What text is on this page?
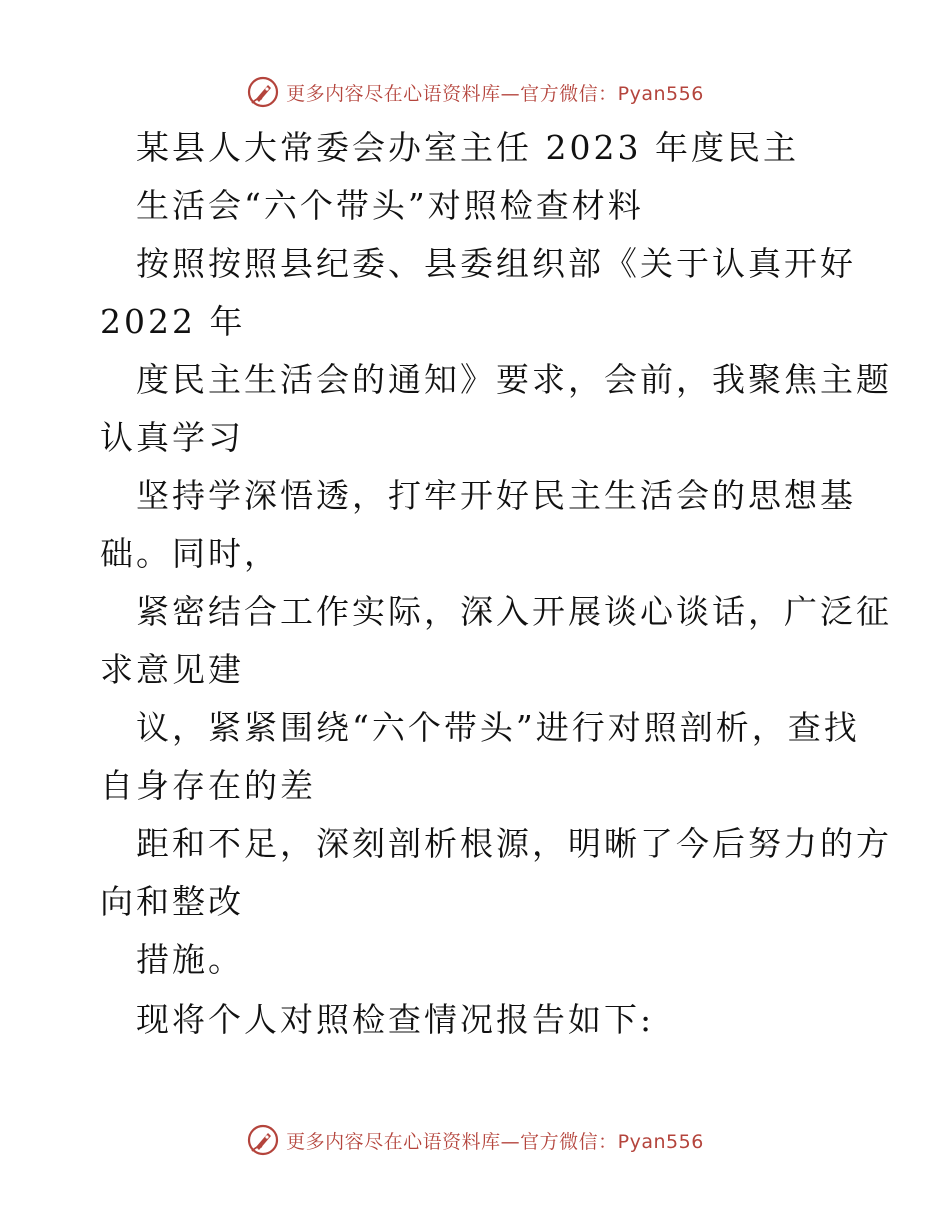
更多内容尽在心语资料库—官方微信：Pyan556
某县人大常委会办室主任 2023 年度民主
生活会“六个带头”对照检查材料
按照按照县纪委、县委组织部《关于认真开好
2022 年
度民主生活会的通知》要求，会前，我聚焦主题
认真学习
坚持学深悟透，打牢开好民主生活会的思想基
础。同时，
紧密结合工作实际，深入开展谈心谈话，广泛征
求意见建
议，紧紧围绕“六个带头”进行对照剖析，查找
自身存在的差
距和不足，深刻剖析根源，明晰了今后努力的方
向和整改
措施。
现将个人对照检查情况报告如下:
更多内容尽在心语资料库—官方微信：Pyan556
